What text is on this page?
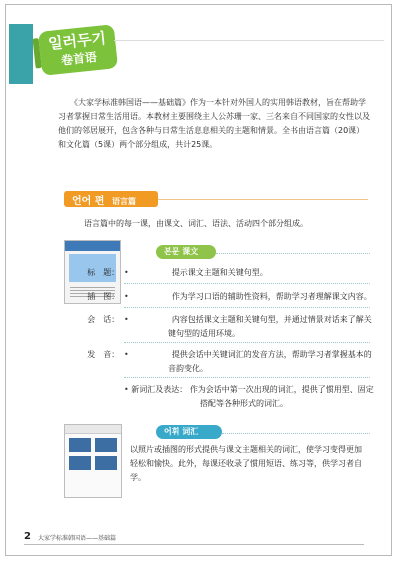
일러두기
卷首语
《大家学标准韩国语——基础篇》作为一本针对外国人的实用韩语教材，旨在帮助学习者掌握日常生活用语。本教材主要围绕主人公苏珊一家、三名来自不同国家的女性以及他们的邻居展开，包含各种与日常生活息息相关的主题和情景。全书由语言篇（20课）和文化篇（5课）两个部分组成，共计25课。
언어 편 语言篇
语言篇中的每一课，由课文、词汇、语法、活动四个部分组成。
본문 课文
• 标　题：	提示课文主题和关键句型。
• 插　图：	作为学习口语的辅助性资料，帮助学习者理解课文内容。
• 会　话：	内容包括课文主题和关键句型，并通过情景对话来了解关键句型的适用环境。
• 发　音：	提供会话中关键词汇的发音方法，帮助学习者掌握基本的音韵变化。
• 新词汇及表达： 作为会话中第一次出现的词汇，提供了惯用型、固定搭配等各种形式的词汇。
어휘 词汇
以照片或插图的形式提供与课文主题相关的词汇，使学习变得更加轻松和愉快。此外，每课还收录了惯用短语、练习等，供学习者自学。
2 大家学标准韩国语——基础篇
